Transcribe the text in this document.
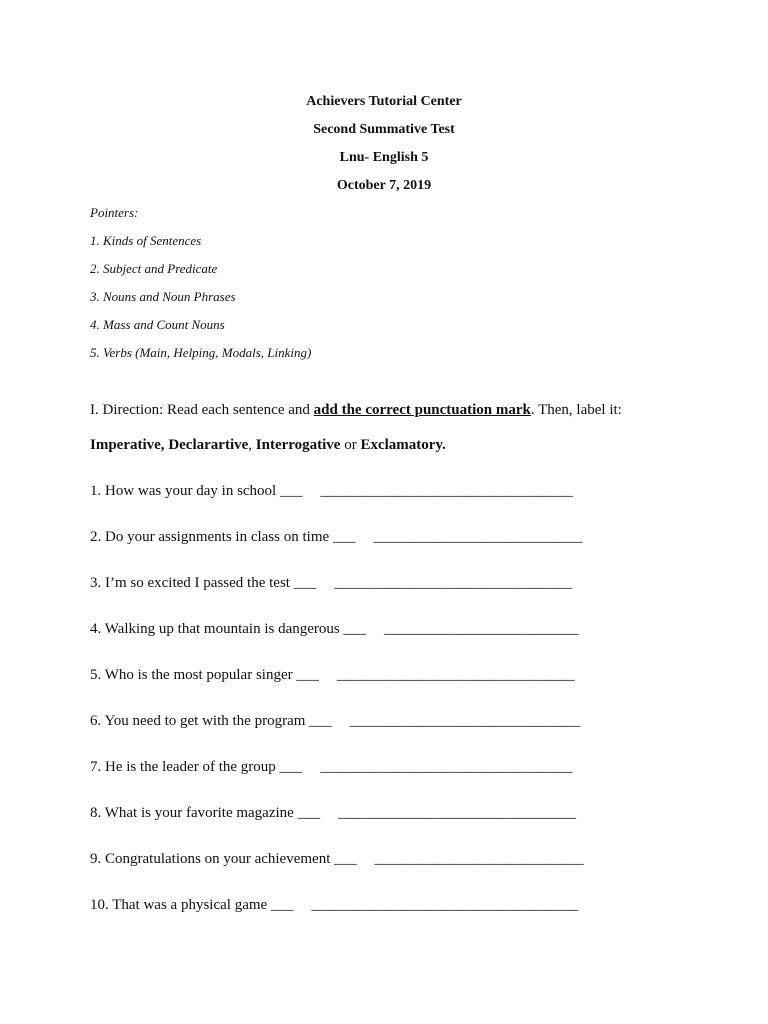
Achievers Tutorial Center
Second Summative Test
Lnu- English 5
October 7, 2019
Pointers:
1. Kinds of Sentences
2. Subject and Predicate
3. Nouns and Noun Phrases
4. Mass and Count Nouns
5. Verbs (Main, Helping, Modals, Linking)
I. Direction: Read each sentence and add the correct punctuation mark. Then, label it:
Imperative, Declarartive, Interrogative or Exclamatory.
1. How was your day in school ___ ___________________________________
2. Do your assignments in class on time ___ _____________________________
3. I’m so excited I passed the test ___ _________________________________
4. Walking up that mountain is dangerous ___ ___________________________
5. Who is the most popular singer ___ _________________________________
6. You need to get with the program ___ ________________________________
7. He is the leader of the group ___ ___________________________________
8. What is your favorite magazine ___ _________________________________
9. Congratulations on your achievement ___ _____________________________
10. That was a physical game ___ _____________________________________
